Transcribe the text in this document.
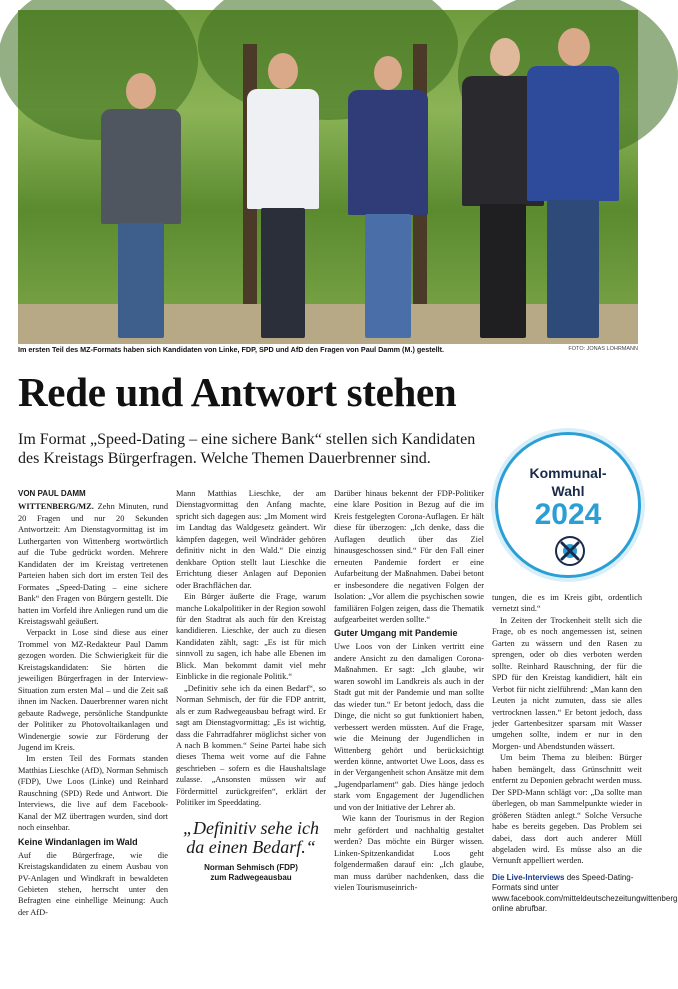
Im ersten Teil des MZ-Formats haben sich Kandidaten von Linke, FDP, SPD und AfD den Fragen von Paul Damm (M.) gestellt.	FOTO: JONAS LOHRMANN
Rede und Antwort stehen
Im Format „Speed-Dating – eine sichere Bank“ stellen sich Kandidaten des Kreistags Bürgerfragen. Welche Themen Dauerbrenner sind.
Kommunal-
Wahl
2024
VON PAUL DAMM

WITTENBERG/MZ. Zehn Minuten, rund 20 Fragen und nur 20 Sekunden Antwortzeit: Am Dienstagvormittag ist im Luthergarten von Wittenberg wortwörtlich auf die Tube gedrückt worden. Mehrere Kandidaten der im Kreistag vertretenen Parteien haben sich dort im ersten Teil des Formates „Speed-Dating – eine sichere Bank“ den Fragen von Bürgern gestellt. Die hatten im Vorfeld ihre Anliegen rund um die Kreistagswahl geäußert.

Verpackt in Lose sind diese aus einer Trommel von MZ-Redakteur Paul Damm gezogen worden. Die Schwierigkeit für die Kreistagskandidaten: Sie hörten die jeweiligen Bürgerfragen in der Interview-Situation zum ersten Mal – und die Zeit saß ihnen im Nacken. Dauerbrenner waren nicht gebaute Radwege, persönliche Standpunkte der Politiker zu Photovoltaikanlagen und Windenergie sowie zur Förderung der Jugend im Kreis.

Im ersten Teil des Formats standen Matthias Lieschke (AfD), Norman Sehmisch (FDP), Uwe Loos (Linke) und Reinhard Rauschning (SPD) Rede und Antwort. Die Interviews, die live auf dem Facebook-Kanal der MZ übertragen wurden, sind dort noch einsehbar.

Keine Windanlagen im Wald

Auf die Bürgerfrage, wie die Kreistagskandidaten zu einem Ausbau von PV-Anlagen und Windkraft in bewaldeten Gebieten stehen, herrscht unter den Befragten eine einhellige Meinung: Auch der AfD-

Mann Matthias Lieschke, der am Dienstagvormittag den Anfang machte, spricht sich dagegen aus: „Im Moment wird im Landtag das Waldgesetz geändert. Wir kämpfen dagegen, weil Windräder gehören definitiv nicht in den Wald.“ Die einzig denkbare Option stellt laut Lieschke die Errichtung dieser Anlagen auf Deponien oder Brachflächen dar.

Ein Bürger äußerte die Frage, warum manche Lokalpolitiker in der Region sowohl für den Stadtrat als auch für den Kreistag kandidieren. Lieschke, der auch zu diesen Kandidaten zählt, sagt: „Es ist für mich sinnvoll zu sagen, ich habe alle Ebenen im Blick. Man bekommt damit viel mehr Einblicke in die regionale Politik.“

„Definitiv sehe ich da einen Bedarf“, so Norman Sehmisch, der für die FDP antritt, als er zum Radwegeausbau befragt wird. Er sagt am Dienstagvormittag: „Es ist wichtig, dass die Fahrradfahrer möglichst sicher von A nach B kommen.“ Seine Partei habe sich dieses Thema weit vorne auf die Fahne geschrieben – sofern es die Haushaltslage zulasse. „Ansonsten müssen wir auf Fördermittel zurückgreifen“, erklärt der Politiker im Speeddating.

„Definitiv sehe ich da einen Bedarf.“
Norman Sehmisch (FDP)
zum Radwegeausbau

Darüber hinaus bekennt der FDP-Politiker eine klare Position in Bezug auf die im Kreis festgelegten Corona-Auflagen. Er hält diese für überzogen: „Ich denke, dass die Auflagen deutlich über das Ziel hinausgeschossen sind.“ Für den Fall einer erneuten Pandemie fordert er eine Aufarbeitung der Maßnahmen. Dabei betont er insbesondere die negativen Folgen der Isolation: „Vor allem die psychischen sowie familiären Folgen zeigen, dass die Thematik aufgearbeitet werden sollte.“

Guter Umgang mit Pandemie

Uwe Loos von der Linken vertritt eine andere Ansicht zu den damaligen Corona-Maßnahmen. Er sagt: „Ich glaube, wir waren sowohl im Landkreis als auch in der Stadt gut mit der Pandemie und man sollte das wieder tun.“ Er betont jedoch, dass die Dinge, die nicht so gut funktioniert haben, verbessert werden müssten. Auf die Frage, wie die Meinung der Jugendlichen in Wittenberg gehört und berücksichtigt werden könne, antwortet Uwe Loos, dass es in der Vergangenheit schon Ansätze mit dem „Jugendparlament“ gab. Dies hänge jedoch stark vom Engagement der Jugendlichen und von der Initiative der Lehrer ab.

Wie kann der Tourismus in der Region mehr gefördert und nachhaltig gestaltet werden? Das möchte ein Bürger wissen. Linken-Spitzenkandidat Loos geht folgendermaßen darauf ein: „Ich glaube, man muss darüber nachdenken, dass die vielen Tourismuseinrich-

tungen, die es im Kreis gibt, ordentlich vernetzt sind.“

In Zeiten der Trockenheit stellt sich die Frage, ob es noch angemessen ist, seinen Garten zu wässern und den Rasen zu sprengen, oder ob dies verboten werden sollte. Reinhard Rauschning, der für die SPD für den Kreistag kandidiert, hält ein Verbot für nicht zielführend: „Man kann den Leuten ja nicht zumuten, dass sie alles vertrocknen lassen.“ Er betont jedoch, dass jeder Gartenbesitzer sparsam mit Wasser umgehen sollte, indem er nur in den Morgen- und Abendstunden wässert.

Um beim Thema zu bleiben: Bürger haben bemängelt, dass Grünschnitt weit entfernt zu Deponien gebracht werden muss. Der SPD-Mann schlägt vor: „Da sollte man überlegen, ob man Sammelpunkte wieder in größeren Städten anlegt.“ Solche Versuche habe es bereits gegeben. Das Problem sei dabei, dass dort auch anderer Müll abgeladen wird. Es müsse also an die Vernunft appelliert werden.

Die Live-Interviews des Speed-Dating-Formats sind unter www.facebook.com/mitteldeutschezeitungwittenberg online abrufbar.
